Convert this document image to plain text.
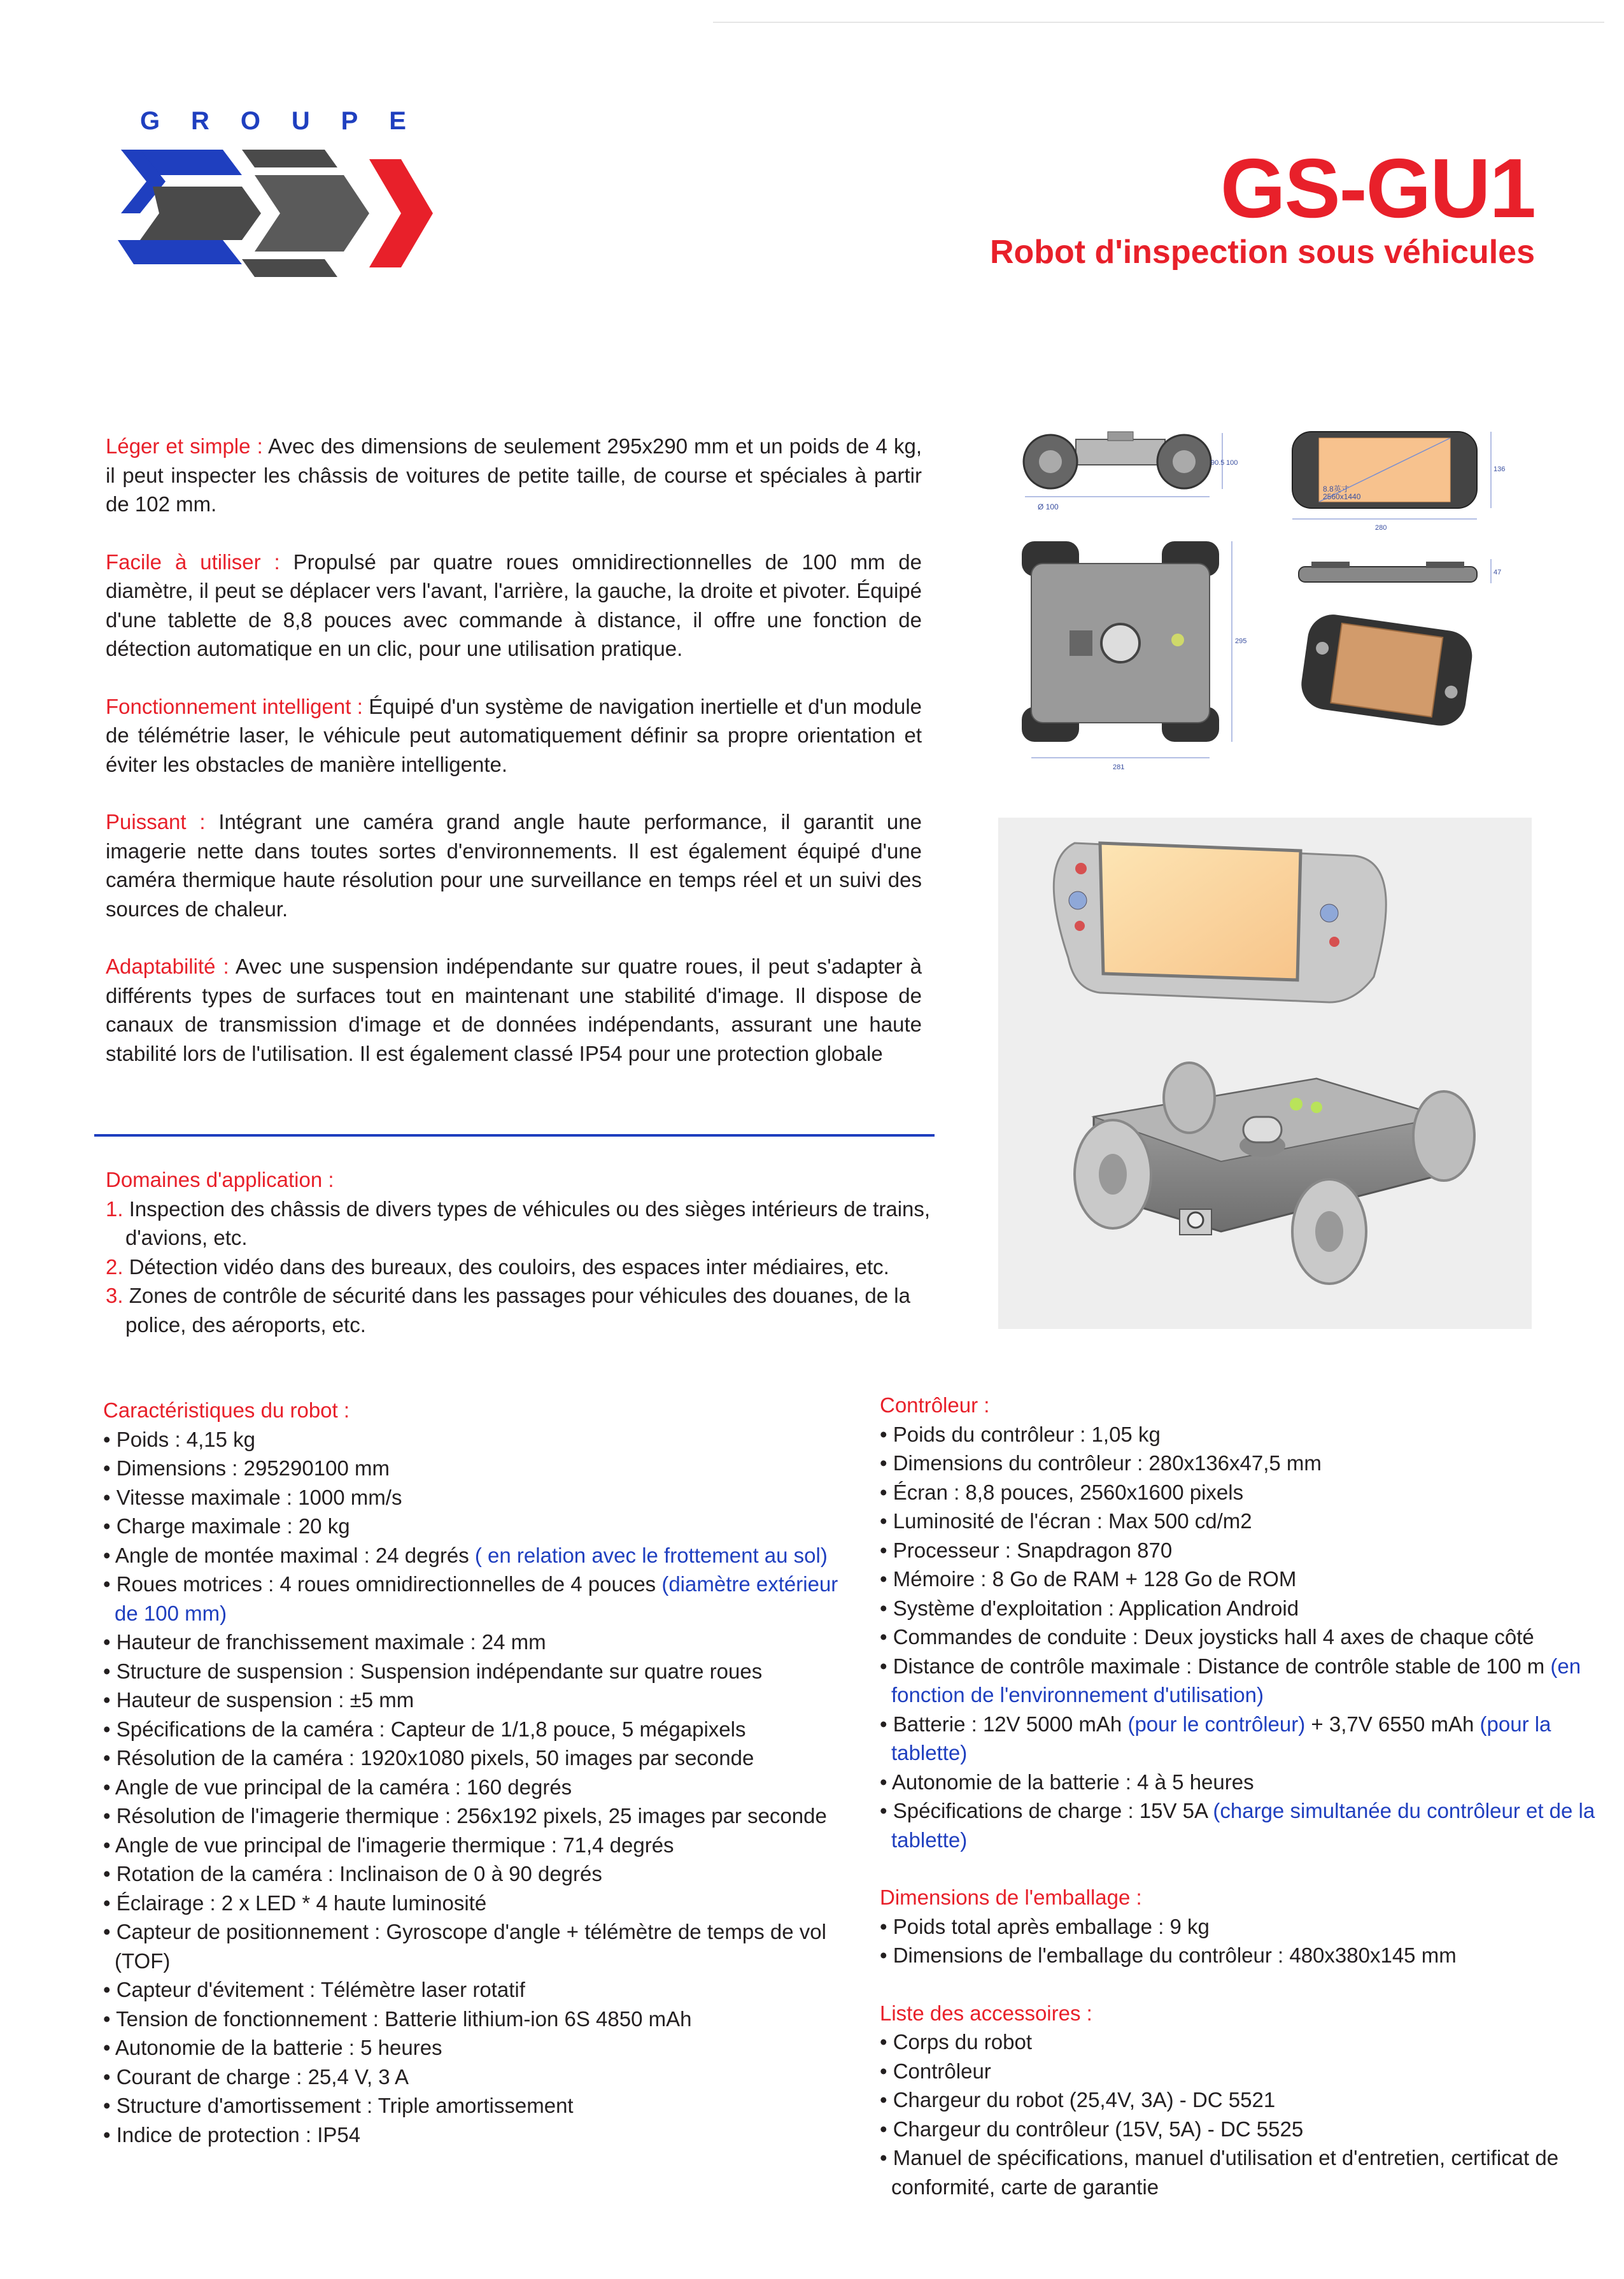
G R O U P E
GS-GU1
Robot d'inspection sous véhicules

Léger et simple : Avec des dimensions de seulement 295x290 mm et un poids de 4 kg, il peut inspecter les châssis de voitures de petite taille, de course et spéciales à partir de 102 mm.

Facile à utiliser : Propulsé par quatre roues omnidirectionnelles de 100 mm de diamètre, il peut se déplacer vers l'avant, l'arrière, la gauche, la droite et pivoter. Équipé d'une tablette de 8,8 pouces avec commande à distance, il offre une fonction de détection automatique en un clic, pour une utilisation pratique.

Fonctionnement intelligent : Équipé d'un système de navigation inertielle et d'un module de télémétrie laser, le véhicule peut automatiquement définir sa propre orientation et éviter les obstacles de manière intelligente.

Puissant : Intégrant une caméra grand angle haute performance, il garantit une imagerie nette dans toutes sortes d'environnements. Il est également équipé d'une caméra thermique haute résolution pour une surveillance en temps réel et un suivi des sources de chaleur.

Adaptabilité : Avec une suspension indépendante sur quatre roues, il peut s'adapter à différents types de surfaces tout en maintenant une stabilité d'image. Il dispose de canaux de transmission d'image et de données indépendants, assurant une haute stabilité lors de l'utilisation. Il est également classé IP54 pour une protection globale

Domaines d'application :
1. Inspection des châssis de divers types de véhicules ou des sièges intérieurs de trains, d'avions, etc.
2. Détection vidéo dans des bureaux, des couloirs, des espaces inter médiaires, etc.
3. Zones de contrôle de sécurité dans les passages pour véhicules des douanes, de la police, des aéroports, etc.
Caractéristiques du robot :
• Poids : 4,15 kg
• Dimensions : 295290100 mm
• Vitesse maximale : 1000 mm/s
• Charge maximale : 20 kg
• Angle de montée maximal : 24 degrés ( en relation avec le frottement au sol)
• Roues motrices : 4 roues omnidirectionnelles de 4 pouces (diamètre extérieur de 100 mm)
• Hauteur de franchissement maximale : 24 mm
• Structure de suspension : Suspension indépendante sur quatre roues
• Hauteur de suspension : ±5 mm
• Spécifications de la caméra : Capteur de 1/1,8 pouce, 5 mégapixels
• Résolution de la caméra : 1920x1080 pixels, 50 images par seconde
• Angle de vue principal de la caméra : 160 degrés
• Résolution de l'imagerie thermique : 256x192 pixels, 25 images par seconde
• Angle de vue principal de l'imagerie thermique : 71,4 degrés
• Rotation de la caméra : Inclinaison de 0 à 90 degrés
• Éclairage : 2 x LED * 4 haute luminosité
• Capteur de positionnement : Gyroscope d'angle + télémètre de temps de vol (TOF)
• Capteur d'évitement : Télémètre laser rotatif
• Tension de fonctionnement : Batterie lithium-ion 6S 4850 mAh
• Autonomie de la batterie : 5 heures
• Courant de charge : 25,4 V, 3 A
• Structure d'amortissement : Triple amortissement
• Indice de protection : IP54
Contrôleur :
• Poids du contrôleur : 1,05 kg
• Dimensions du contrôleur : 280x136x47,5 mm
• Écran : 8,8 pouces, 2560x1600 pixels
• Luminosité de l'écran : Max 500 cd/m2
• Processeur : Snapdragon 870
• Mémoire : 8 Go de RAM + 128 Go de ROM
• Système d'exploitation : Application Android
• Commandes de conduite : Deux joysticks hall 4 axes de chaque côté
• Distance de contrôle maximale : Distance de contrôle stable de 100 m (en fonction de l'environnement d'utilisation)
• Batterie : 12V 5000 mAh (pour le contrôleur) + 3,7V 6550 mAh (pour la tablette)
• Autonomie de la batterie : 4 à 5 heures
• Spécifications de charge : 15V 5A (charge simultanée du contrôleur et de la tablette)
Dimensions de l'emballage :
• Poids total après emballage : 9 kg
• Dimensions de l'emballage du contrôleur : 480x380x145 mm
Liste des accessoires :
• Corps du robot
• Contrôleur
• Chargeur du robot (25,4V, 3A) - DC 5521
• Chargeur du contrôleur (15V, 5A) - DC 5525
• Manuel de spécifications, manuel d'utilisation et d'entretien, certificat de conformité, carte de garantie
Ø 100
90.5 100
8.8英寸
2560x1440
280
136
281
295
47
